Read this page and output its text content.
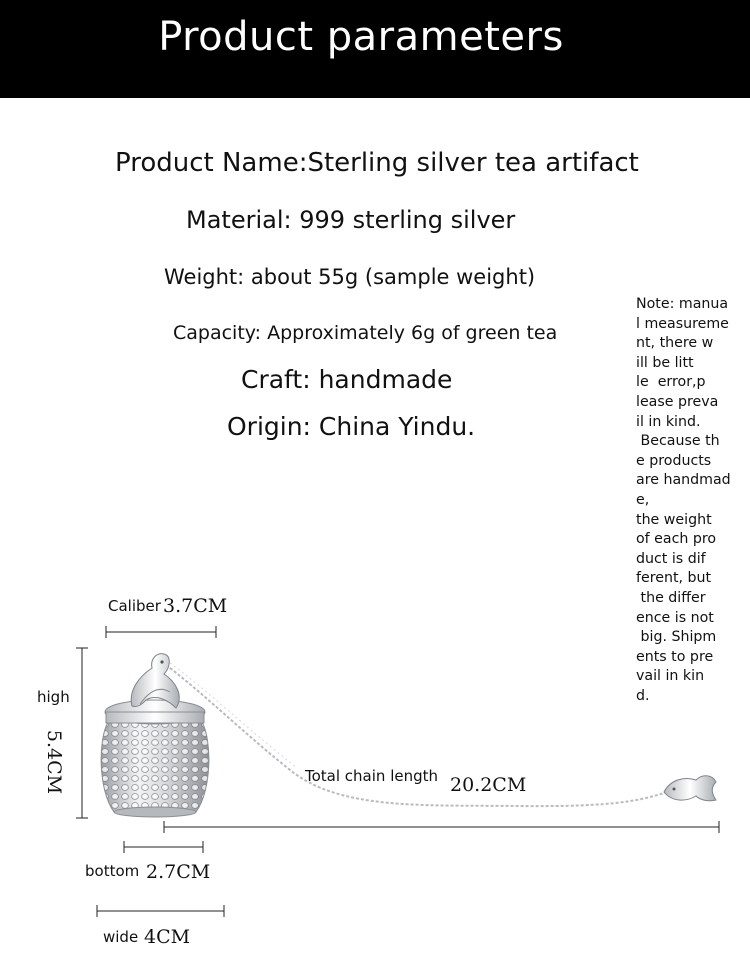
Product parameters
Product Name:Sterling silver tea artifact
Material: 999 sterling silver
Weight: about 55g (sample weight)
Capacity: Approximately 6g of green tea
Craft: handmade
Origin: China Yindu.
Note: manua
l measureme
nt, there w
ill be litt
le  error,p
lease preva
il in kind.
Because th
e products
are handmad
e,
the weight
of each pro
duct is dif
ferent, but
the differ
ence is not
big. Shipm
ents to pre
vail in kin
d.
Caliber 3.7CM
high
5.4CM	Total chain length 20.2CM
bottom 2.7CM
wide 4CM
